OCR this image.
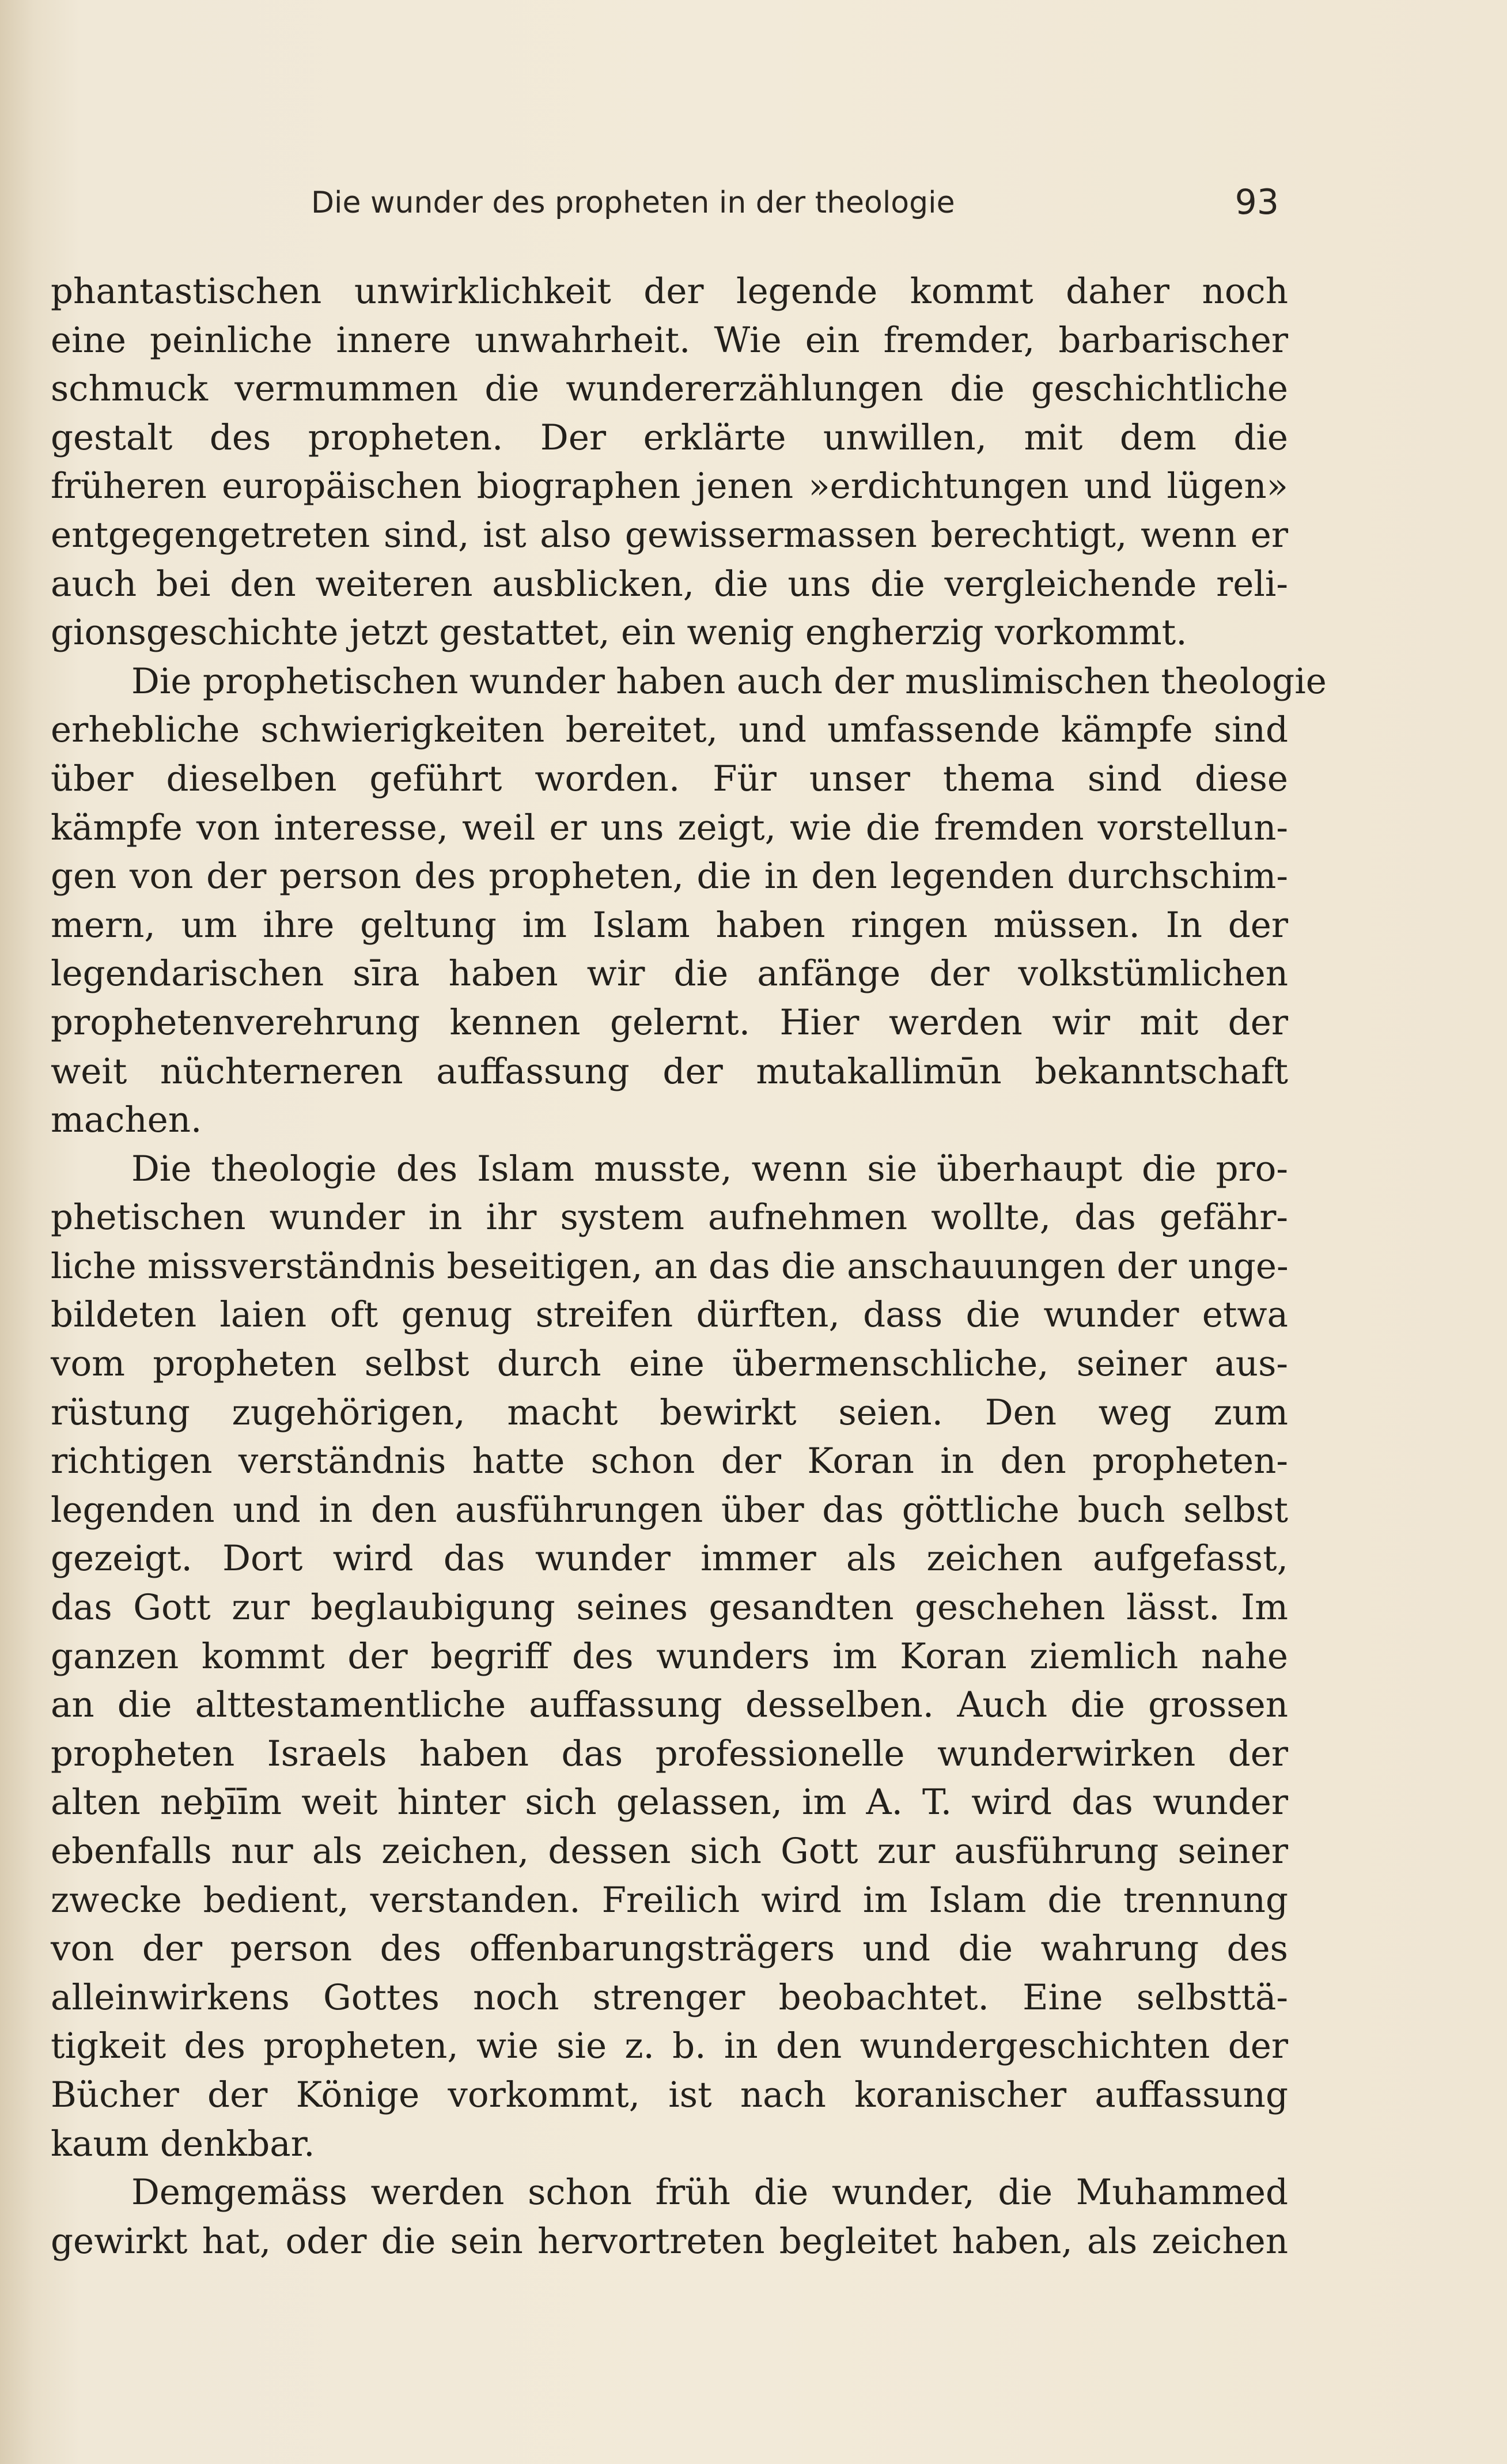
Die wunder des propheten in der theologie	93
phantastischen unwirklichkeit der legende kommt daher noch
eine peinliche innere unwahrheit. Wie ein fremder, barbarischer
schmuck vermummen die wundererzählungen die geschichtliche
gestalt des propheten. Der erklärte unwillen, mit dem die
früheren europäischen biographen jenen »erdichtungen und lügen»
entgegengetreten sind, ist also gewissermassen berechtigt, wenn er
auch bei den weiteren ausblicken, die uns die vergleichende reli-
gionsgeschichte jetzt gestattet, ein wenig engherzig vorkommt.
Die prophetischen wunder haben auch der muslimischen theologie
erhebliche schwierigkeiten bereitet, und umfassende kämpfe sind
über dieselben geführt worden. Für unser thema sind diese
kämpfe von interesse, weil er uns zeigt, wie die fremden vorstellun-
gen von der person des propheten, die in den legenden durchschim-
mern, um ihre geltung im Islam haben ringen müssen. In der
legendarischen sīra haben wir die anfänge der volkstümlichen
prophetenverehrung kennen gelernt. Hier werden wir mit der
weit nüchterneren auffassung der mutakallimūn bekanntschaft
machen.
Die theologie des Islam musste, wenn sie überhaupt die pro-
phetischen wunder in ihr system aufnehmen wollte, das gefähr-
liche missverständnis beseitigen, an das die anschauungen der unge-
bildeten laien oft genug streifen dürften, dass die wunder etwa
vom propheten selbst durch eine übermenschliche, seiner aus-
rüstung zugehörigen, macht bewirkt seien. Den weg zum
richtigen verständnis hatte schon der Koran in den propheten-
legenden und in den ausführungen über das göttliche buch selbst
gezeigt. Dort wird das wunder immer als zeichen aufgefasst,
das Gott zur beglaubigung seines gesandten geschehen lässt. Im
ganzen kommt der begriff des wunders im Koran ziemlich nahe
an die alttestamentliche auffassung desselben. Auch die grossen
propheten Israels haben das professionelle wunderwirken der
alten neḇīīm weit hinter sich gelassen, im A. T. wird das wunder
ebenfalls nur als zeichen, dessen sich Gott zur ausführung seiner
zwecke bedient, verstanden. Freilich wird im Islam die trennung
von der person des offenbarungsträgers und die wahrung des
alleinwirkens Gottes noch strenger beobachtet. Eine selbsttä-
tigkeit des propheten, wie sie z. b. in den wundergeschichten der
Bücher der Könige vorkommt, ist nach koranischer auffassung
kaum denkbar.
Demgemäss werden schon früh die wunder, die Muhammed
gewirkt hat, oder die sein hervortreten begleitet haben, als zeichen
